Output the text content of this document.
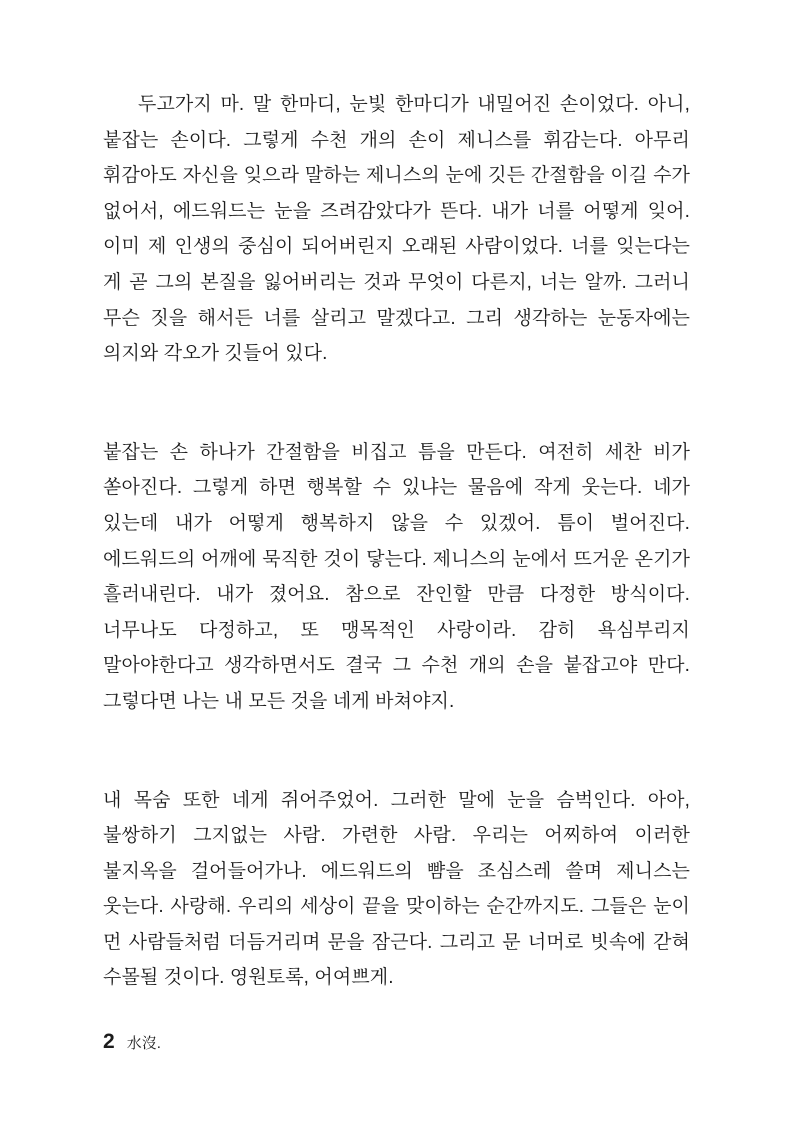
두고가지 마. 말 한마디, 눈빛 한마디가 내밀어진 손이었다. 아니, 붙잡는 손이다. 그렇게 수천 개의 손이 제니스를 휘감는다. 아무리 휘감아도 자신을 잊으라 말하는 제니스의 눈에 깃든 간절함을 이길 수가 없어서, 에드워드는 눈을 즈려감았다가 뜬다. 내가 너를 어떻게 잊어. 이미 제 인생의 중심이 되어버린지 오래된 사람이었다. 너를 잊는다는 게 곧 그의 본질을 잃어버리는 것과 무엇이 다른지, 너는 알까. 그러니 무슨 짓을 해서든 너를 살리고 말겠다고. 그리 생각하는 눈동자에는 의지와 각오가 깃들어 있다.

붙잡는 손 하나가 간절함을 비집고 틈을 만든다. 여전히 세찬 비가 쏟아진다. 그렇게 하면 행복할 수 있냐는 물음에 작게 웃는다. 네가 있는데 내가 어떻게 행복하지 않을 수 있겠어. 틈이 벌어진다. 에드워드의 어깨에 묵직한 것이 닿는다. 제니스의 눈에서 뜨거운 온기가 흘러내린다. 내가 졌어요. 참으로 잔인할 만큼 다정한 방식이다. 너무나도 다정하고, 또 맹목적인 사랑이라. 감히 욕심부리지 말아야한다고 생각하면서도 결국 그 수천 개의 손을 붙잡고야 만다. 그렇다면 나는 내 모든 것을 네게 바쳐야지.

내 목숨 또한 네게 쥐어주었어. 그러한 말에 눈을 슴벅인다. 아아, 불쌍하기 그지없는 사람. 가련한 사람. 우리는 어찌하여 이러한 불지옥을 걸어들어가나. 에드워드의 뺨을 조심스레 쓸며 제니스는 웃는다. 사랑해. 우리의 세상이 끝을 맞이하는 순간까지도. 그들은 눈이 먼 사람들처럼 더듬거리며 문을 잠근다. 그리고 문 너머로 빗속에 갇혀 수몰될 것이다. 영원토록, 어여쁘게.

2 水沒.
